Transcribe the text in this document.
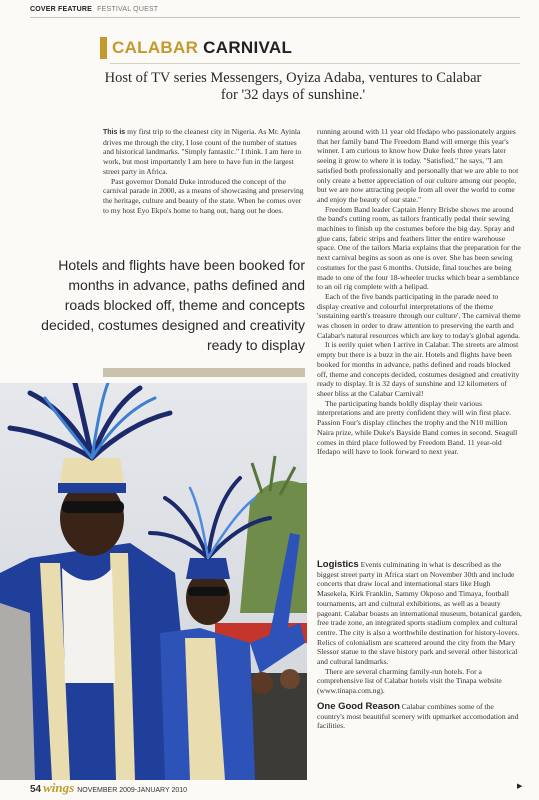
COVER FEATURE FESTIVAL QUEST
CALABAR CARNIVAL
Host of TV series Messengers, Oyiza Adaba, ventures to Calabar for '32 days of sunshine.'

This is my first trip to the cleanest city in Nigeria. As Mr. Ayinla drives me through the city, I lose count of the number of statues and historical landmarks. "Simply fantastic." I think. I am here to work, but most importantly I am here to have fun in the largest street party in Africa.

Past governor Donald Duke introduced the concept of the carnival parade in 2000, as a means of showcasing and preserving the heritage, culture and beauty of the state. When he comes over to my host Eyo Ekpo's home to hang out, hang out he does.

Hotels and flights have been booked for months in advance, paths defined and roads blocked off, theme and concepts decided, costumes designed and creativity ready to display

running around with 11 year old Ifedapo who passionately argues that her family band The Freedom Band will emerge this year's winner. I am curious to know how Duke feels three years later seeing it grow to where it is today. "Satisfied," he says, "I am satisfied both professionally and personally that we are able to not only create a better appreciation of our culture among our people, but we are now attracting people from all over the world to come and enjoy the beauty of our state."

Freedom Band leader Captain Henry Brisbe shows me around the band's cutting room, as tailors frantically pedal their sewing machines to finish up the costumes before the big day. Spray and glue cans, fabric strips and feathers litter the entire warehouse space. One of the tailors Maria explains that the preparation for the next carnival begins as soon as one is over. She has been sewing costumes for the past 6 months. Outside, final touches are being made to one of the four 18-wheeler trucks which bear a semblance to an oil rig complete with a helipad.

Each of the five bands participating in the parade need to display creative and colourful interpretations of the theme 'sustaining earth's treasure through our culture'. The carnival theme was chosen in order to draw attention to preserving the earth and Calabar's natural resources which are key to today's global agenda.

It is eerily quiet when I arrive in Calabar. The streets are almost empty but there is a buzz in the air. Hotels and flights have been booked for months in advance, paths defined and roads blocked off, theme and concepts decided, costumes designed and creativity ready to display. It is 32 days of sunshine and 12 kilometers of sheer bliss at the Calabar Carnival!

The participating bands boldly display their various interpretations and are pretty confident they will win first place. Passion Four's display clinches the trophy and the N10 million Naira prize, while Duke's Bayside Band comes in second. Seagull comes in third place followed by Freedom Band. 11 year-old Ifedapo will have to look forward to next year.

Logistics Events culminating in what is described as the biggest street party in Africa start on November 30th and include concerts that draw local and international stars like Hugh Masekela, Kirk Franklin, Sammy Okposo and Timaya, football tournaments, art and cultural exhibitions, as well as a beauty pageant. Calabar boasts an international museum, botanical garden, free trade zone, an integrated sports stadium complex and cultural centre. The city is also a worthwhile destination for history-lovers. Relics of colonialism are scattered around the city from the Mary Slessor statue to the slave history park and several other historical and cultural landmarks.

There are several charming family-run hotels. For a comprehensive list of Calabar hotels visit the Tinapa website (www.tinapa.com.ng).

One Good Reason Calabar combines some of the country's most beautiful scenery with upmarket accomodation and facilities.

54 wings NOVEMBER 2009-JANUARY 2010
▶
